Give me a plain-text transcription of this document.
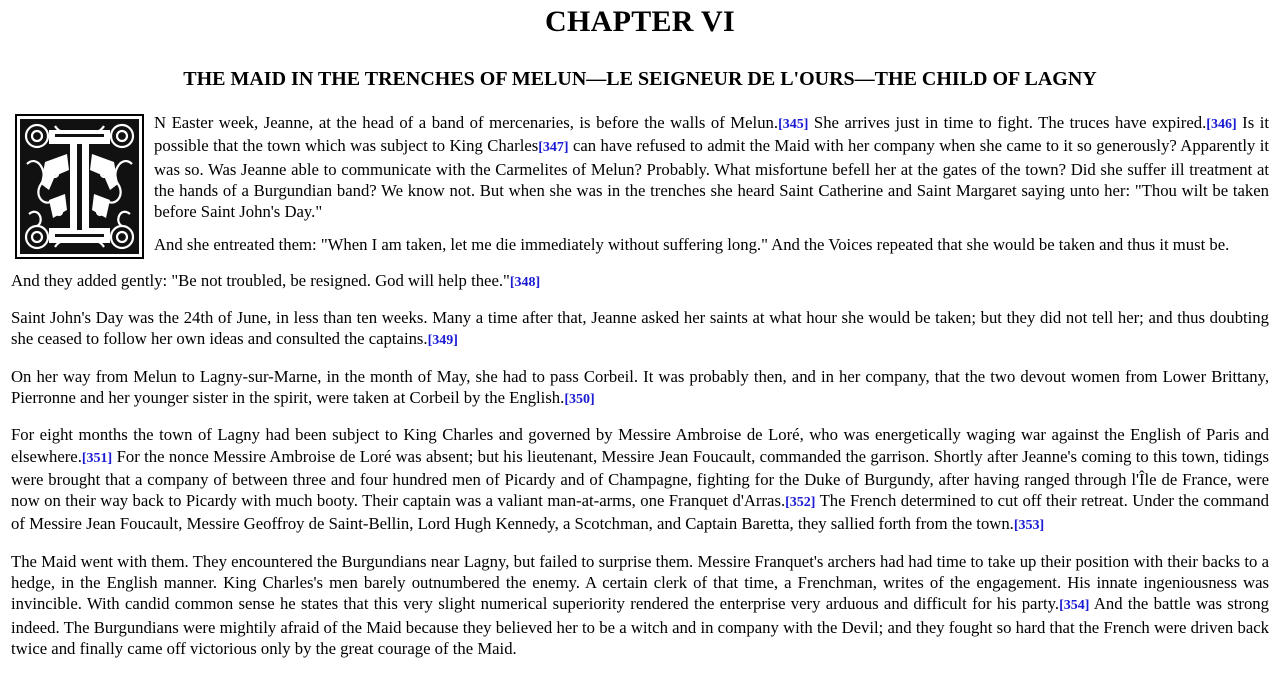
CHAPTER VI
THE MAID IN THE TRENCHES OF MELUN—LE SEIGNEUR DE L'OURS—THE CHILD OF LAGNY

N Easter week, Jeanne, at the head of a band of mercenaries, is before the walls of Melun.[345] She arrives just in time to fight. The truces have expired.[346] Is it possible that the town which was subject to King Charles[347] can have refused to admit the Maid with her company when she came to it so generously? Apparently it was so. Was Jeanne able to communicate with the Carmelites of Melun? Probably. What misfortune befell her at the gates of the town? Did she suffer ill treatment at the hands of a Burgundian band? We know not. But when she was in the trenches she heard Saint Catherine and Saint Margaret saying unto her: "Thou wilt be taken before Saint John's Day."

And she entreated them: "When I am taken, let me die immediately without suffering long." And the Voices repeated that she would be taken and thus it must be.

And they added gently: "Be not troubled, be resigned. God will help thee."[348]

Saint John's Day was the 24th of June, in less than ten weeks. Many a time after that, Jeanne asked her saints at what hour she would be taken; but they did not tell her; and thus doubting she ceased to follow her own ideas and consulted the captains.[349]

On her way from Melun to Lagny-sur-Marne, in the month of May, she had to pass Corbeil. It was probably then, and in her company, that the two devout women from Lower Brittany, Pierronne and her younger sister in the spirit, were taken at Corbeil by the English.[350]

For eight months the town of Lagny had been subject to King Charles and governed by Messire Ambroise de Loré, who was energetically waging war against the English of Paris and elsewhere.[351] For the nonce Messire Ambroise de Loré was absent; but his lieutenant, Messire Jean Foucault, commanded the garrison. Shortly after Jeanne's coming to this town, tidings were brought that a company of between three and four hundred men of Picardy and of Champagne, fighting for the Duke of Burgundy, after having ranged through l'Île de France, were now on their way back to Picardy with much booty. Their captain was a valiant man-at-arms, one Franquet d'Arras.[352] The French determined to cut off their retreat. Under the command of Messire Jean Foucault, Messire Geoffroy de Saint-Bellin, Lord Hugh Kennedy, a Scotchman, and Captain Baretta, they sallied forth from the town.[353]

The Maid went with them. They encountered the Burgundians near Lagny, but failed to surprise them. Messire Franquet's archers had had time to take up their position with their backs to a hedge, in the English manner. King Charles's men barely outnumbered the enemy. A certain clerk of that time, a Frenchman, writes of the engagement. His innate ingeniousness was invincible. With candid common sense he states that this very slight numerical superiority rendered the enterprise very arduous and difficult for his party.[354] And the battle was strong indeed. The Burgundians were mightily afraid of the Maid because they believed her to be a witch and in company with the Devil; and they fought so hard that the French were driven back twice and finally came off victorious only by the great courage of the Maid.
